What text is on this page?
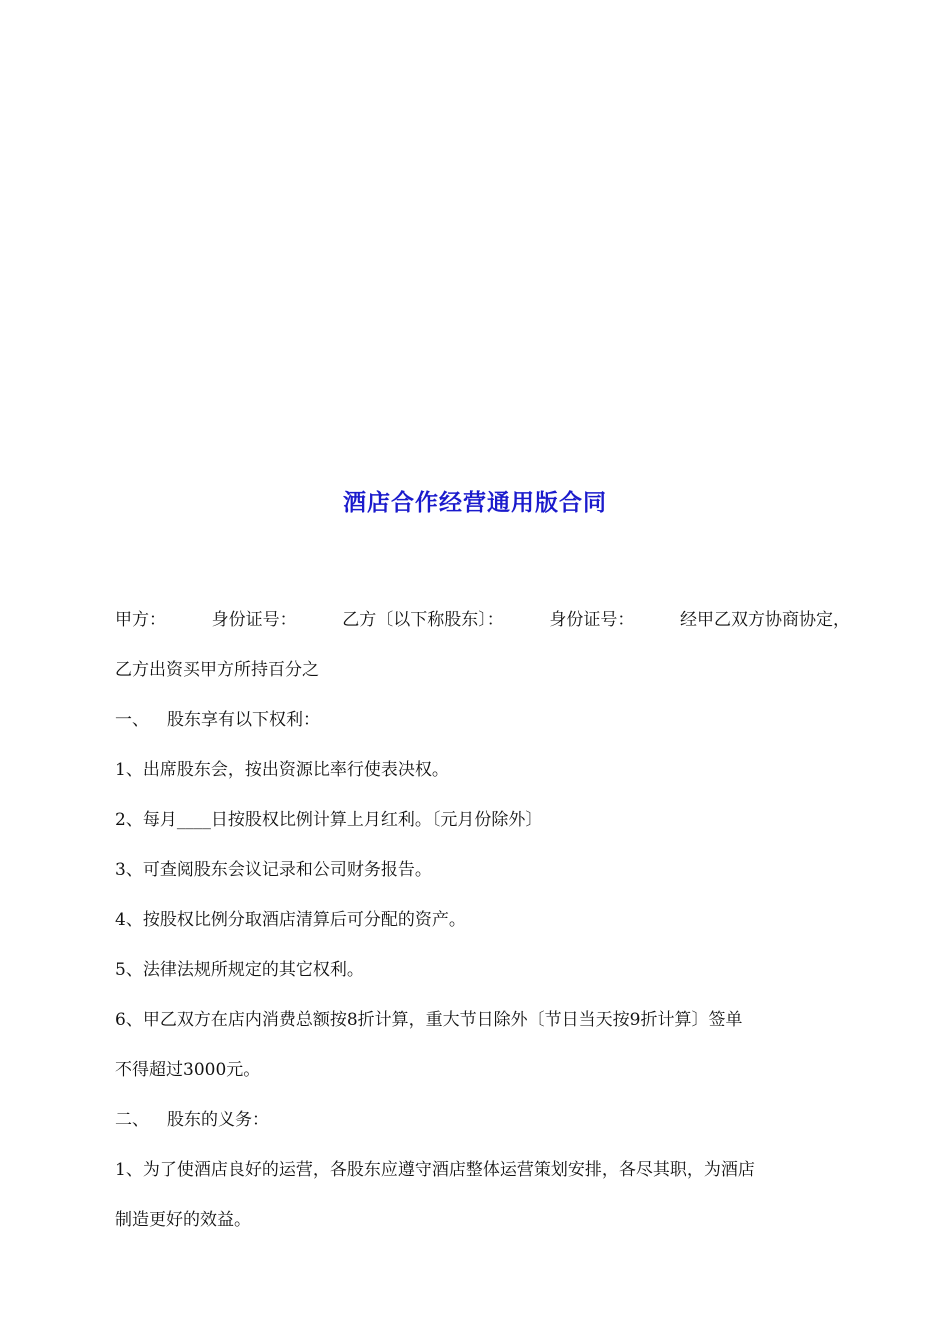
酒店合作经营通用版合同
甲方：	身份证号：	乙方〔以下称股东〕：	身份证号：	经甲乙双方协商协定，
乙方出资买甲方所持百分之
一、 股东享有以下权利：
1、出席股东会，按出资源比率行使表决权。
2、每月____日按股权比例计算上月红利。〔元月份除外〕
3、可查阅股东会议记录和公司财务报告。
4、按股权比例分取酒店清算后可分配的资产。
5、法律法规所规定的其它权利。
6、甲乙双方在店内消费总额按8折计算，重大节日除外〔节日当天按9折计算〕签单
不得超过3000元。
二、 股东的义务：
1、为了使酒店良好的运营，各股东应遵守酒店整体运营策划安排，各尽其职，为酒店
制造更好的效益。
